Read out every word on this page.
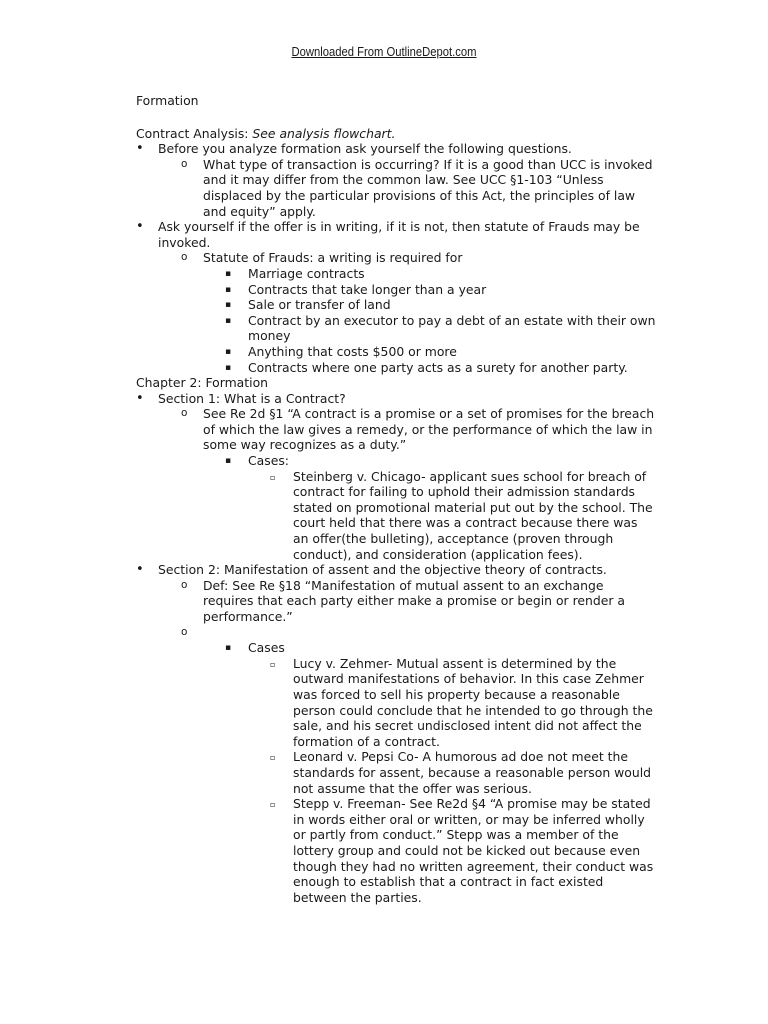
Downloaded From OutlineDepot.com
Formation
Contract Analysis: See analysis flowchart.
• Before you analyze formation ask yourself the following questions.
o What type of transaction is occurring? If it is a good than UCC is invoked and it may differ from the common law. See UCC §1-103 “Unless displaced by the particular provisions of this Act, the principles of law and equity” apply.
• Ask yourself if the offer is in writing, if it is not, then statute of Frauds may be invoked.
o Statute of Frauds: a writing is required for
▪ Marriage contracts
▪ Contracts that take longer than a year
▪ Sale or transfer of land
▪ Contract by an executor to pay a debt of an estate with their own money
▪ Anything that costs $500 or more
▪ Contracts where one party acts as a surety for another party.
Chapter 2: Formation
• Section 1: What is a Contract?
o See Re 2d §1 “A contract is a promise or a set of promises for the breach of which the law gives a remedy, or the performance of which the law in some way recognizes as a duty.”
▪ Cases:
▫ Steinberg v. Chicago- applicant sues school for breach of contract for failing to uphold their admission standards stated on promotional material put out by the school. The court held that there was a contract because there was an offer(the bulleting), acceptance (proven through conduct), and consideration (application fees).
• Section 2: Manifestation of assent and the objective theory of contracts.
o Def: See Re §18 “Manifestation of mutual assent to an exchange requires that each party either make a promise or begin or render a performance.”
o
▪ Cases
▫ Lucy v. Zehmer- Mutual assent is determined by the outward manifestations of behavior. In this case Zehmer was forced to sell his property because a reasonable person could conclude that he intended to go through the sale, and his secret undisclosed intent did not affect the formation of a contract.
▫ Leonard v. Pepsi Co- A humorous ad doe not meet the standards for assent, because a reasonable person would not assume that the offer was serious.
▫ Stepp v. Freeman- See Re2d §4 “A promise may be stated in words either oral or written, or may be inferred wholly or partly from conduct.” Stepp was a member of the lottery group and could not be kicked out because even though they had no written agreement, their conduct was enough to establish that a contract in fact existed between the parties.
